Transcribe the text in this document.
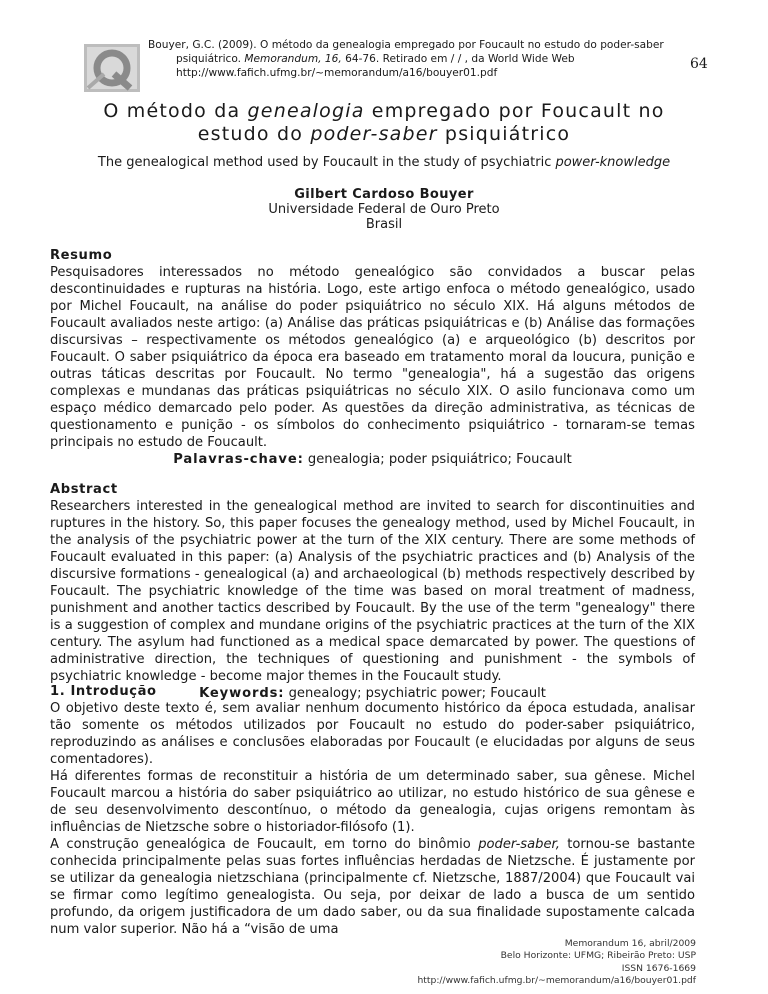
Bouyer, G.C. (2009). O método da genealogia empregado por Foucault no estudo do poder-saber
psiquiátrico. Memorandum, 16, 64-76. Retirado em / / , da World Wide Web
http://www.fafich.ufmg.br/~memorandum/a16/bouyer01.pdf
64
O método da genealogia empregado por Foucault no
estudo do poder-saber psiquiátrico
The genealogical method used by Foucault in the study of psychiatric power-knowledge
Gilbert Cardoso Bouyer
Universidade Federal de Ouro Preto
Brasil
Resumo
Pesquisadores interessados no método genealógico são convidados a buscar pelas descontinuidades e rupturas na história. Logo, este artigo enfoca o método genealógico, usado por Michel Foucault, na análise do poder psiquiátrico no século XIX. Há alguns métodos de Foucault avaliados neste artigo: (a) Análise das práticas psiquiátricas e (b) Análise das formações discursivas – respectivamente os métodos genealógico (a) e arqueológico (b) descritos por Foucault. O saber psiquiátrico da época era baseado em tratamento moral da loucura, punição e outras táticas descritas por Foucault. No termo "genealogia", há a sugestão das origens complexas e mundanas das práticas psiquiátricas no século XIX. O asilo funcionava como um espaço médico demarcado pelo poder. As questões da direção administrativa, as técnicas de questionamento e punição - os símbolos do conhecimento psiquiátrico - tornaram-se temas principais no estudo de Foucault.
Palavras-chave: genealogia; poder psiquiátrico; Foucault
Abstract
Researchers interested in the genealogical method are invited to search for discontinuities and ruptures in the history. So, this paper focuses the genealogy method, used by Michel Foucault, in the analysis of the psychiatric power at the turn of the XIX century. There are some methods of Foucault evaluated in this paper: (a) Analysis of the psychiatric practices and (b) Analysis of the discursive formations - genealogical (a) and archaeological (b) methods respectively described by Foucault. The psychiatric knowledge of the time was based on moral treatment of madness, punishment and another tactics described by Foucault. By the use of the term "genealogy" there is a suggestion of complex and mundane origins of the psychiatric practices at the turn of the XIX century. The asylum had functioned as a medical space demarcated by power. The questions of administrative direction, the techniques of questioning and punishment - the symbols of psychiatric knowledge - become major themes in the Foucault study.
Keywords: genealogy; psychiatric power; Foucault
1. Introdução
O objetivo deste texto é, sem avaliar nenhum documento histórico da época estudada, analisar tão somente os métodos utilizados por Foucault no estudo do poder-saber psiquiátrico, reproduzindo as análises e conclusões elaboradas por Foucault (e elucidadas por alguns de seus comentadores).
Há diferentes formas de reconstituir a história de um determinado saber, sua gênese. Michel Foucault marcou a história do saber psiquiátrico ao utilizar, no estudo histórico de sua gênese e de seu desenvolvimento descontínuo, o método da genealogia, cujas origens remontam às influências de Nietzsche sobre o historiador-filósofo (1).
A construção genealógica de Foucault, em torno do binômio poder-saber, tornou-se bastante conhecida principalmente pelas suas fortes influências herdadas de Nietzsche. É justamente por se utilizar da genealogia nietzschiana (principalmente cf. Nietzsche, 1887/2004) que Foucault vai se firmar como legítimo genealogista. Ou seja, por deixar de lado a busca de um sentido profundo, da origem justificadora de um dado saber, ou da sua finalidade supostamente calcada num valor superior. Não há a “visão de uma
Memorandum 16, abril/2009
Belo Horizonte: UFMG; Ribeirão Preto: USP
ISSN 1676-1669
http://www.fafich.ufmg.br/~memorandum/a16/bouyer01.pdf
